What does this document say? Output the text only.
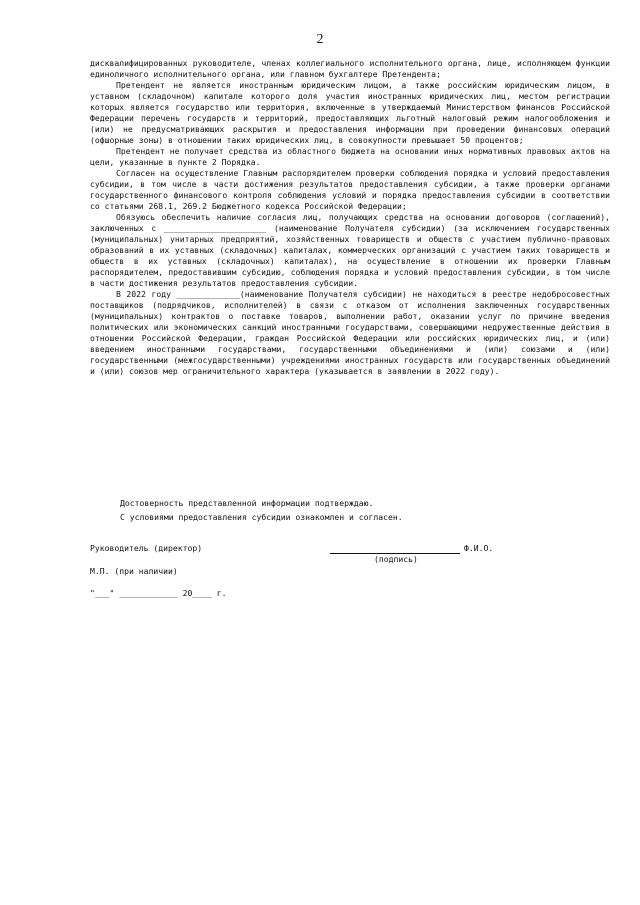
2

дисквалифицированных руководителе, членах коллегиального исполнительного органа, лице, исполняющем функции единоличного исполнительного органа, или главном бухгалтере Претендента;

Претендент не является иностранным юридическим лицом, а также российским юридическим лицом, в уставном (складочном) капитале которого доля участия иностранных юридических лиц, местом регистрации которых является государство или территория, включенные в утверждаемый Министерством финансов Российской Федерации перечень государств и территорий, предоставляющих льготный налоговый режим налогообложения и (или) не предусматривающих раскрытия и предоставления информации при проведении финансовых операций (офшорные зоны) в отношении таких юридических лиц, в совокупности превышает 50 процентов;

Претендент не получает средства из областного бюджета на основании иных нормативных правовых актов на цели, указанные в пункте 2 Порядка.

Согласен на осуществление Главным распорядителем проверки соблюдения порядка и условий предоставления субсидии, в том числе в части достижения результатов предоставления субсидии, а также проверки органами государственного финансового контроля соблюдения условий и порядка предоставления субсидии в соответствии со статьями 268.1, 269.2 Бюджетного кодекса Российской Федерации;

Обязуюсь обеспечить наличие согласия лиц, получающих средства на основании договоров (соглашений), заключенных с _____________________ (наименование Получателя субсидии) (за исключением государственных (муниципальных) унитарных предприятий, хозяйственных товариществ и обществ с участием публично-правовых образований в их уставных (складочных) капиталах, коммерческих организаций с участием таких товариществ и обществ в их уставных (складочных) капиталах), на осуществление в отношении их проверки Главным распорядителем, предоставившим субсидию, соблюдения порядка и условий предоставления субсидии, в том числе в части достижения результатов предоставления субсидии.

В 2022 году _____________(наименование Получателя субсидии) не находиться в реестре недобросовестных поставщиков (подрядчиков, исполнителей) в связи с отказом от исполнения заключенных государственных (муниципальных) контрактов о поставке товаров, выполнении работ, оказании услуг по причине введения политических или экономических санкций иностранными государствами, совершающими недружественные действия в отношении Российской Федерации, граждан Российской Федерации или российских юридических лиц, и (или) введением иностранными государствами, государственными объединениями и (или) союзами и (или) государственными (межгосударственными) учреждениями иностранных государств или государственных объединений и (или) союзов мер ограничительного характера (указывается в заявлении в 2022 году).

Достоверность представленной информации подтверждаю.
С условиями предоставления субсидии ознакомлен и согласен.
Руководитель (директор)	Ф.И.О.
(подпись)
М.П. (при наличии)
"___" ____________ 20____ г.
